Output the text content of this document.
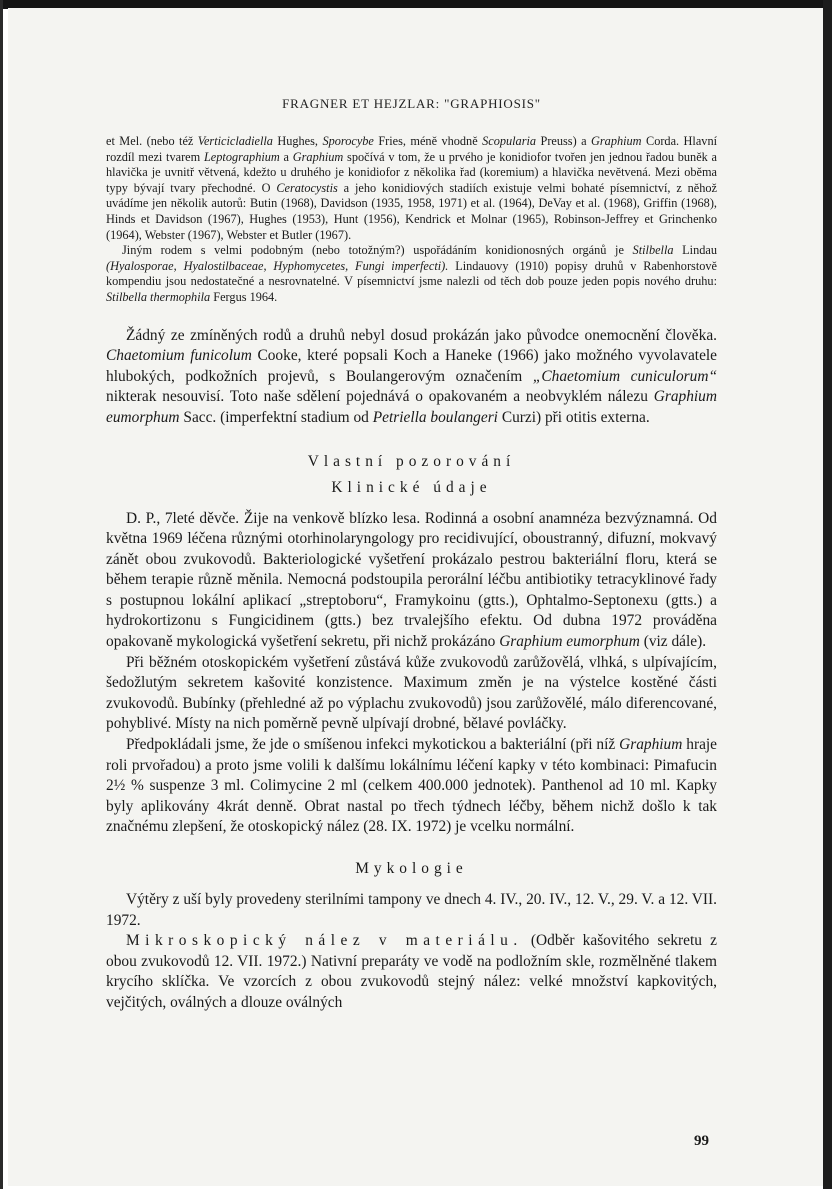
FRAGNER ET HEJZLAR: "GRAPHIOSIS"

et Mel. (nebo též Verticicladiella Hughes, Sporocybe Fries, méně vhodně Scopularia Preuss) a Graphium Corda. Hlavní rozdíl mezi tvarem Leptographium a Graphium spočívá v tom, že u prvého je konidiofor tvořen jen jednou řadou buněk a hlavička je uvnitř větvená, kdežto u druhého je konidiofor z několika řad (koremium) a hlavička nevětvená. Mezi oběma typy bývají tvary přechodné. O Ceratocystis a jeho konidiových stadiích existuje velmi bohaté písemnictví, z něhož uvádíme jen několik autorů: Butin (1968), Davidson (1935, 1958, 1971) et al. (1964), DeVay et al. (1968), Griffin (1968), Hinds et Davidson (1967), Hughes (1953), Hunt (1956), Kendrick et Molnar (1965), Robinson-Jeffrey et Grinchenko (1964), Webster (1967), Webster et Butler (1967).

Jiným rodem s velmi podobným (nebo totožným?) uspořádáním konidionosných orgánů je Stilbella Lindau (Hyalosporae, Hyalostilbaceae, Hyphomycetes, Fungi imperfecti). Lindauovy (1910) popisy druhů v Rabenhorstově kompendiu jsou nedostatečné a nesrovnatelné. V písemnictví jsme nalezli od těch dob pouze jeden popis nového druhu: Stilbella thermophila Fergus 1964.

Žádný ze zmíněných rodů a druhů nebyl dosud prokázán jako původce onemocnění člověka. Chaetomium funicolum Cooke, které popsali Koch a Haneke (1966) jako možného vyvolavatele hlubokých, podkožních projevů, s Boulangerovým označením „Chaetomium cuniculorum“ nikterak nesouvisí. Toto naše sdělení pojednává o opakovaném a neobvyklém nálezu Graphium eumorphum Sacc. (imperfektní stadium od Petriella boulangeri Curzi) při otitis externa.

Vlastní pozorování
Klinické údaje

D. P., 7leté děvče. Žije na venkově blízko lesa. Rodinná a osobní anamnéza bezvýznamná. Od května 1969 léčena různými otorhinolaryngology pro recidivující, oboustranný, difuzní, mokvavý zánět obou zvukovodů. Bakteriologické vyšetření prokázalo pestrou bakteriální floru, která se během terapie různě měnila. Nemocná podstoupila perorální léčbu antibiotiky tetracyklinové řady s postupnou lokální aplikací „streptoboru“, Framykoinu (gtts.), Ophtalmo-Septonexu (gtts.) a hydrokortizonu s Fungicidinem (gtts.) bez trvalejšího efektu. Od dubna 1972 prováděna opakovaně mykologická vyšetření sekretu, při nichž prokázáno Graphium eumorphum (viz dále).

Při běžném otoskopickém vyšetření zůstává kůže zvukovodů zarůžovělá, vlhká, s ulpívajícím, šedožlutým sekretem kašovité konzistence. Maximum změn je na výstelce kostěné části zvukovodů. Bubínky (přehledné až po výplachu zvukovodů) jsou zarůžovělé, málo diferencované, pohyblivé. Místy na nich poměrně pevně ulpívají drobné, bělavé povláčky.

Předpokládali jsme, že jde o smíšenou infekci mykotickou a bakteriální (při níž Graphium hraje roli prvořadou) a proto jsme volili k dalšímu lokálnímu léčení kapky v této kombinaci: Pimafucin 2½ % suspenze 3 ml. Colimycine 2 ml (celkem 400.000 jednotek). Panthenol ad 10 ml. Kapky byly aplikovány 4krát denně. Obrat nastal po třech týdnech léčby, během nichž došlo k tak značnému zlepšení, že otoskopický nález (28. IX. 1972) je vcelku normální.

Mykologie

Výtěry z uší byly provedeny sterilními tampony ve dnech 4. IV., 20. IV., 12. V., 29. V. a 12. VII. 1972.

Mikroskopický nález v materiálu. (Odběr kašovitého sekretu z obou zvukovodů 12. VII. 1972.) Nativní preparáty ve vodě na podložním skle, rozmělněné tlakem krycího sklíčka. Ve vzorcích z obou zvukovodů stejný nález: velké množství kapkovitých, vejčitých, oválných a dlouze oválných

99
